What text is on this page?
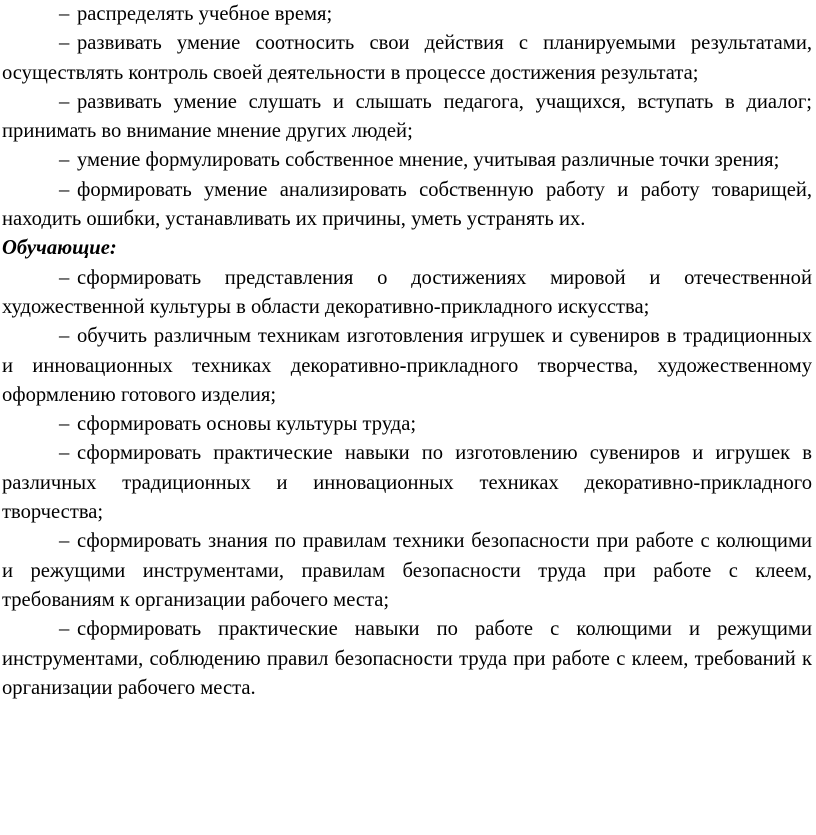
– распределять учебное время;

– развивать умение соотносить свои действия с планируемыми результатами, осуществлять контроль своей деятельности в процессе достижения результата;

– развивать умение слушать и слышать педагога, учащихся, вступать в диалог; принимать во внимание мнение других людей;

– умение формулировать собственное мнение, учитывая различные точки зрения;

– формировать умение анализировать собственную работу и работу товарищей, находить ошибки, устанавливать их причины, уметь устранять их.

Обучающие:

– сформировать представления о достижениях мировой и отечественной художественной культуры в области декоративно-прикладного искусства;

– обучить различным техникам изготовления игрушек и сувениров в традиционных и инновационных техниках декоративно-прикладного творчества, художественному оформлению готового изделия;

– сформировать основы культуры труда;

– сформировать практические навыки по изготовлению сувениров и игрушек в различных традиционных и инновационных техниках декоративно-прикладного творчества;

– сформировать знания по правилам техники безопасности при работе с колющими и режущими инструментами, правилам безопасности труда при работе с клеем, требованиям к организации рабочего места;

– сформировать практические навыки по работе с колющими и режущими инструментами, соблюдению правил безопасности труда при работе с клеем, требований к организации рабочего места.
